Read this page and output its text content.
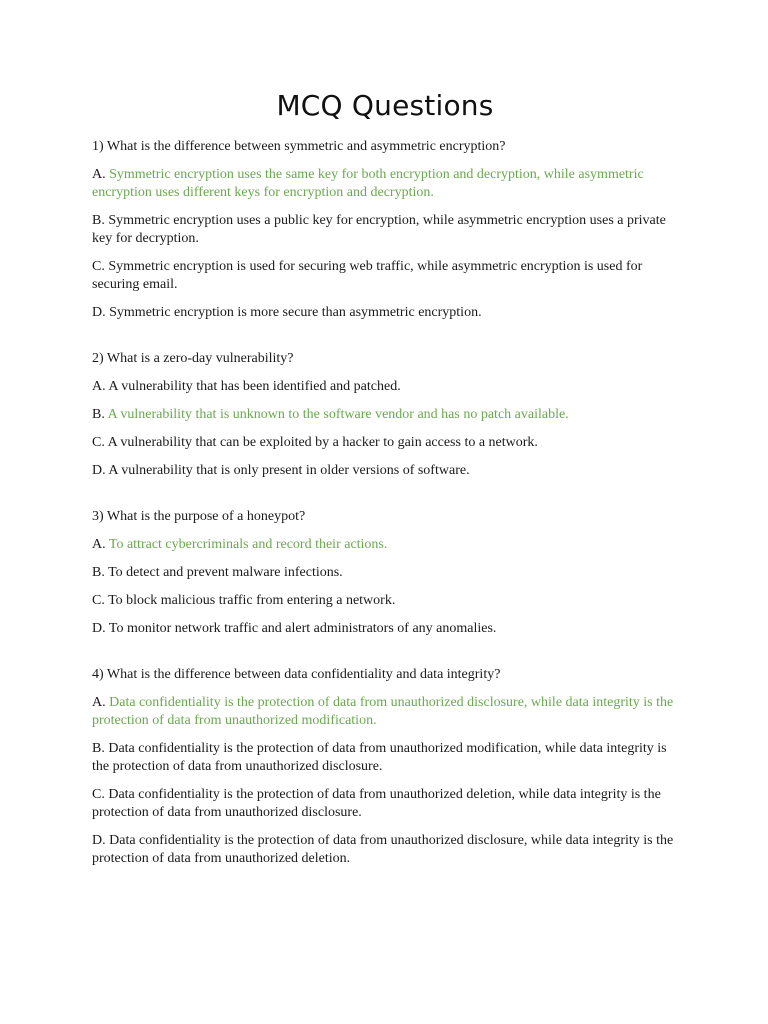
MCQ Questions

1) What is the difference between symmetric and asymmetric encryption?

A. Symmetric encryption uses the same key for both encryption and decryption, while asymmetric encryption uses different keys for encryption and decryption.

B. Symmetric encryption uses a public key for encryption, while asymmetric encryption uses a private key for decryption.

C. Symmetric encryption is used for securing web traffic, while asymmetric encryption is used for securing email.

D. Symmetric encryption is more secure than asymmetric encryption.

2) What is a zero-day vulnerability?

A. A vulnerability that has been identified and patched.

B. A vulnerability that is unknown to the software vendor and has no patch available.

C. A vulnerability that can be exploited by a hacker to gain access to a network.

D. A vulnerability that is only present in older versions of software.

3) What is the purpose of a honeypot?

A. To attract cybercriminals and record their actions.

B. To detect and prevent malware infections.

C. To block malicious traffic from entering a network.

D. To monitor network traffic and alert administrators of any anomalies.

4) What is the difference between data confidentiality and data integrity?

A. Data confidentiality is the protection of data from unauthorized disclosure, while data integrity is the protection of data from unauthorized modification.

B. Data confidentiality is the protection of data from unauthorized modification, while data integrity is the protection of data from unauthorized disclosure.

C. Data confidentiality is the protection of data from unauthorized deletion, while data integrity is the protection of data from unauthorized disclosure.

D. Data confidentiality is the protection of data from unauthorized disclosure, while data integrity is the protection of data from unauthorized deletion.
